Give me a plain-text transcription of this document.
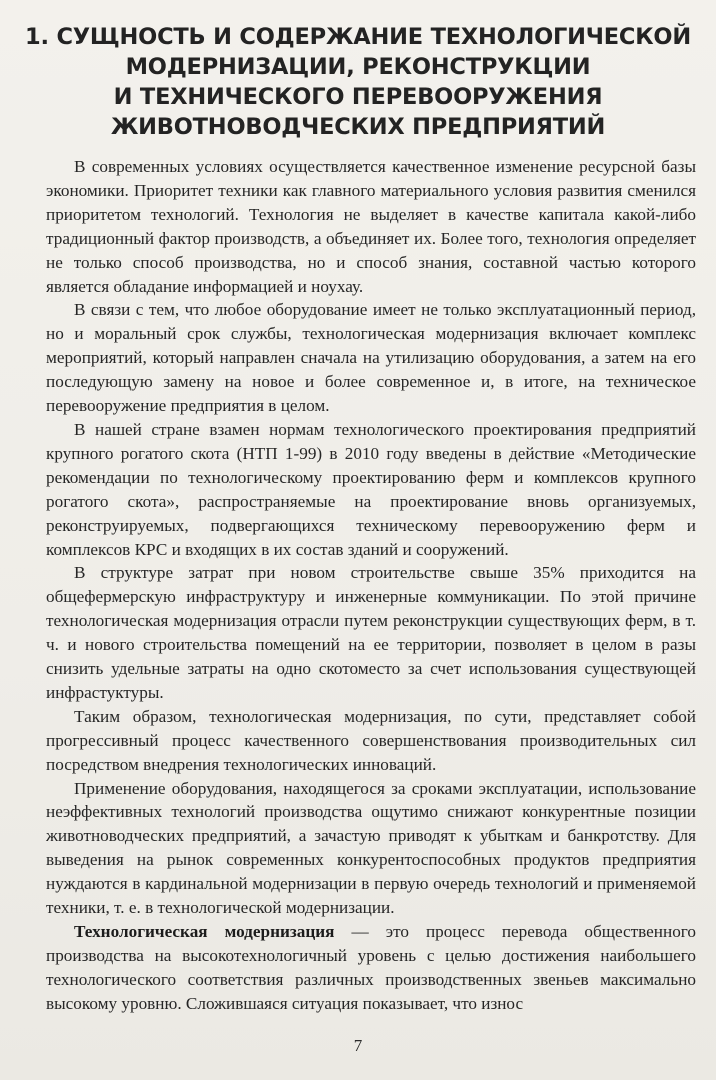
1. СУЩНОСТЬ И СОДЕРЖАНИЕ ТЕХНОЛОГИЧЕСКОЙ
МОДЕРНИЗАЦИИ, РЕКОНСТРУКЦИИ
И ТЕХНИЧЕСКОГО ПЕРЕВООРУЖЕНИЯ
ЖИВОТНОВОДЧЕСКИХ ПРЕДПРИЯТИЙ

В современных условиях осуществляется качественное изменение ресурсной базы экономики. Приоритет техники как главного материального условия развития сменился приоритетом технологий. Технология не выделяет в качестве капитала какой-либо традиционный фактор производств, а объединяет их. Более того, технология определяет не только способ производства, но и способ знания, составной частью которого является обладание информацией и ноухау.

В связи с тем, что любое оборудование имеет не только эксплуатационный период, но и моральный срок службы, технологическая модернизация включает комплекс мероприятий, который направлен сначала на утилизацию оборудования, а затем на его последующую замену на новое и более современное и, в итоге, на техническое перевооружение предприятия в целом.

В нашей стране взамен нормам технологического проектирования предприятий крупного рогатого скота (НТП 1-99) в 2010 году введены в действие «Методические рекомендации по технологическому проектированию ферм и комплексов крупного рогатого скота», распространяемые на проектирование вновь организуемых, реконструируемых, подвергающихся техническому перевооружению ферм и комплексов КРС и входящих в их состав зданий и сооружений.

В структуре затрат при новом строительстве свыше 35% приходится на общефермерскую инфраструктуру и инженерные коммуникации. По этой причине технологическая модернизация отрасли путем реконструкции существующих ферм, в т. ч. и нового строительства помещений на ее территории, позволяет в целом в разы снизить удельные затраты на одно скотоместо за счет использования существующей инфрастуктуры.

Таким образом, технологическая модернизация, по сути, представляет собой прогрессивный процесс качественного совершенствования производительных сил посредством внедрения технологических инноваций.

Применение оборудования, находящегося за сроками эксплуатации, использование неэффективных технологий производства ощутимо снижают конкурентные позиции животноводческих предприятий, а зачастую приводят к убыткам и банкротству. Для выведения на рынок современных конкурентоспособных продуктов предприятия нуждаются в кардинальной модернизации в первую очередь технологий и применяемой техники, т. е. в технологической модернизации.

Технологическая модернизация — это процесс перевода общественного производства на высокотехнологичный уровень с целью достижения наибольшего технологического соответствия различных производственных звеньев максимально высокому уровню. Сложившаяся ситуация показывает, что износ

7
